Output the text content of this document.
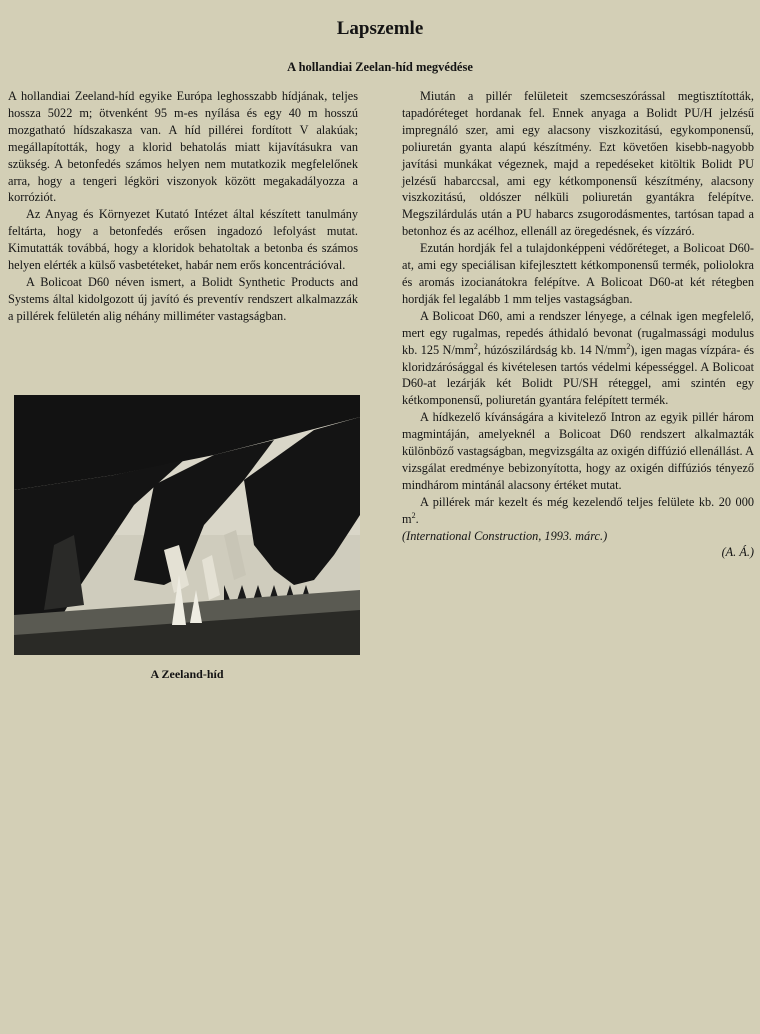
Lapszemle
A hollandiai Zeelan-híd megvédése

A hollandiai Zeeland-híd egyike Európa leghosszabb hídjának, teljes hossza 5022 m; ötvenként 95 m-es nyílása és egy 40 m hosszú mozgatható hídszakasza van. A híd pillérei fordított V alakúak; megállapították, hogy a klorid behatolás miatt kijavításukra van szükség. A betonfedés számos helyen nem mutatkozik megfelelőnek arra, hogy a tengeri légköri viszonyok között megakadályozza a korróziót.

Az Anyag és Környezet Kutató Intézet által készített tanulmány feltárta, hogy a betonfedés erősen ingadozó lefolyást mutat. Kimutatták továbbá, hogy a kloridok behatoltak a betonba és számos helyen elérték a külső vasbetéteket, habár nem erős koncentrációval.

A Bolicoat D60 néven ismert, a Bolidt Synthetic Products and Systems által kidolgozott új javító és preventív rendszert alkalmazzák a pillérek felületén alig néhány milliméter vastagságban.

A Zeeland-híd

Miután a pillér felületeit szemcseszórással megtisztították, tapadóréteget hordanak fel. Ennek anyaga a Bolidt PU/H jelzésű impregnáló szer, ami egy alacsony viszkozitású, egykomponensű, poliuretán gyanta alapú készítmény. Ezt követően kisebb-nagyobb javítási munkákat végeznek, majd a repedéseket kitöltik Bolidt PU jelzésű habarccsal, ami egy kétkomponensű készítmény, alacsony viszkozitású, oldószer nélküli poliuretán gyantákra felépítve. Megszilárdulás után a PU habarcs zsugorodásmentes, tartósan tapad a betonhoz és az acélhoz, ellenáll az öregedésnek, és vízzáró.

Ezután hordják fel a tulajdonképpeni védőréteget, a Bolicoat D60-at, ami egy speciálisan kifejlesztett kétkomponensű termék, poliolokra és aromás izocianátokra felépítve. A Bolicoat D60-at két rétegben hordják fel legalább 1 mm teljes vastagságban.

A Bolicoat D60, ami a rendszer lényege, a célnak igen megfelelő, mert egy rugalmas, repedés áthidaló bevonat (rugalmassági modulus kb. 125 $N/mm^2$, húzószilárdság kb. 14 $N/mm^2$), igen magas vízpára- és kloridzárósággal és kivételesen tartós védelmi képességgel. A Bolicoat D60-at lezárják két Bolidt PU/SH réteggel, ami szintén egy kétkomponensű, poliuretán gyantára felépített termék.

A hídkezelő kívánságára a kivitelező Intron az egyik pillér három magmintáján, amelyeknél a Bolicoat D60 rendszert alkalmazták különböző vastagságban, megvizsgálta az oxigén diffúzió ellenállást. A vizsgálat eredménye bebizonyította, hogy az oxigén diffúziós tényező mindhárom mintánál alacsony értéket mutat.

A pillérek már kezelt és még kezelendő teljes felülete kb. 20 000 $m^2$.

(International Construction, 1993. márc.)

(A. Á.)
